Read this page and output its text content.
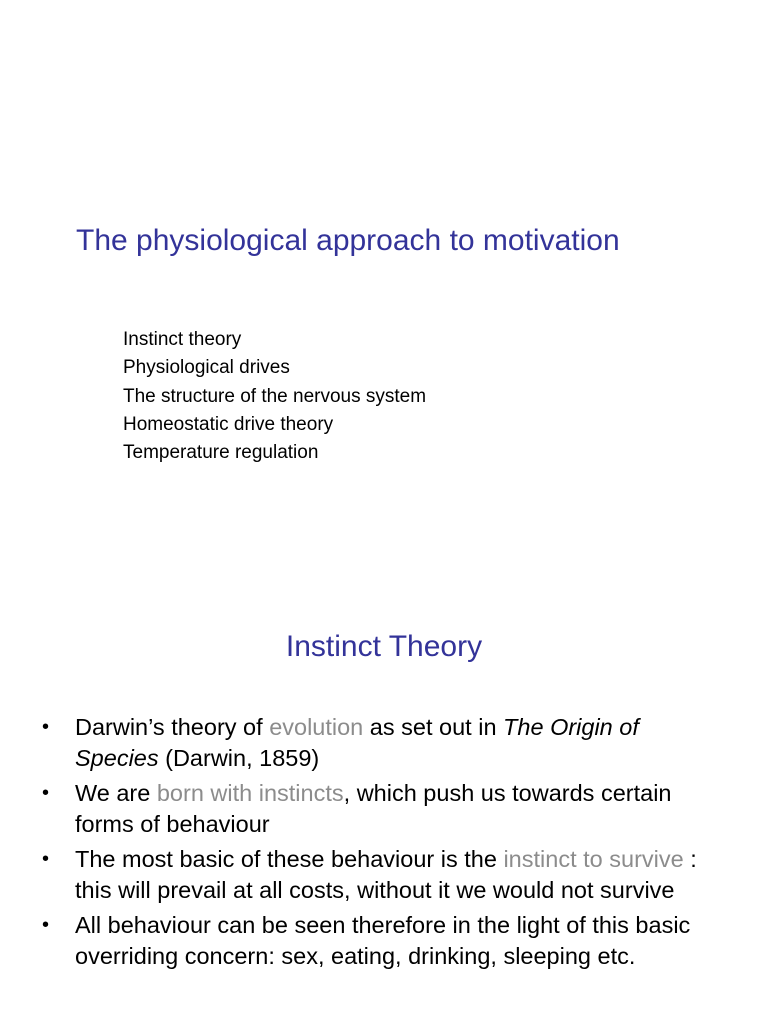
The physiological approach to motivation
Instinct theory
Physiological drives
The structure of the nervous system
Homeostatic drive theory
Temperature regulation
Instinct Theory
• Darwin’s theory of evolution as set out in The Origin of Species (Darwin, 1859)
• We are born with instincts, which push us towards certain forms of behaviour
• The most basic of these behaviour is the instinct to survive : this will prevail at all costs, without it we would not survive
• All behaviour can be seen therefore in the light of this basic overriding concern: sex, eating, drinking, sleeping etc.
